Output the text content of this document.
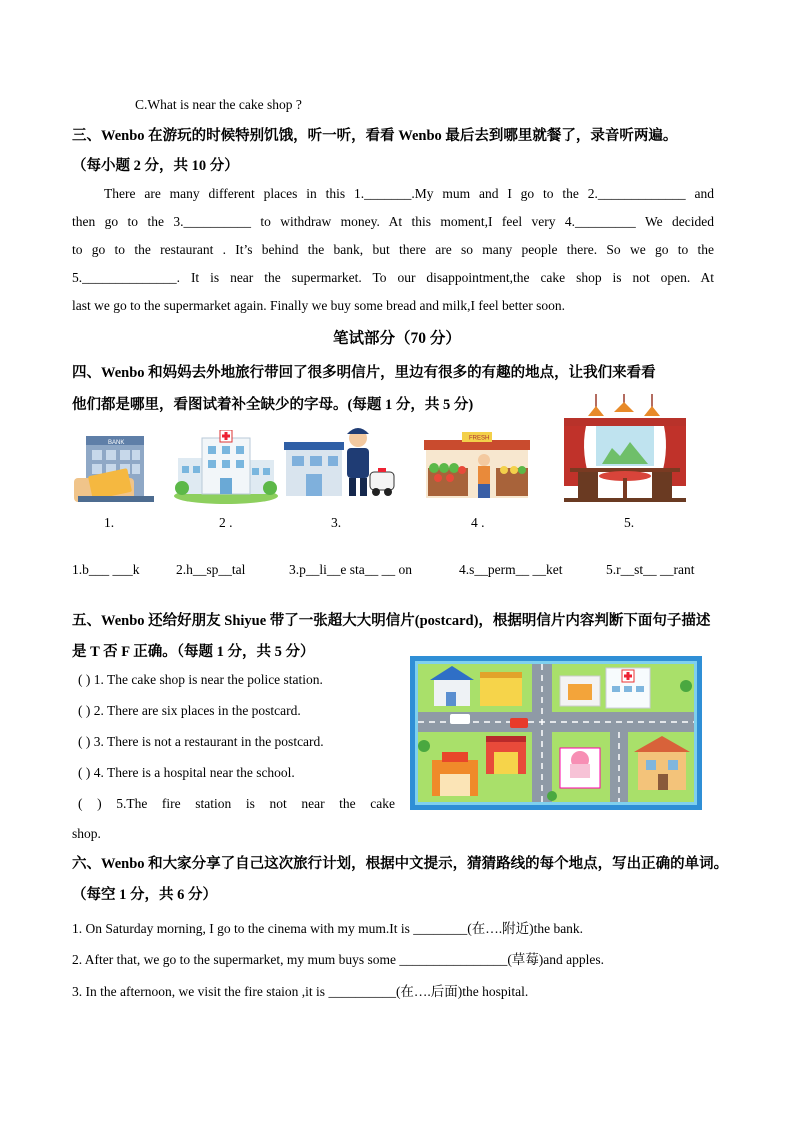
C.What is near the cake shop ?
三、Wenbo 在游玩的时候特别饥饿，听一听，看看 Wenbo 最后去到哪里就餐了，录音听两遍。
（每小题 2 分，共 10 分）
There are many different places in this 1._______.My mum and I go to the 2._____________ and
then go to the 3.__________ to withdraw money. At this moment,I feel very 4._________ We decided
to go to the restaurant . It’s behind the bank, but there are so many people there. So we go to the
5.______________. It is near the supermarket. To our disappointment,the cake shop is not open. At
last we go to the supermarket again. Finally we buy some bread and milk,I feel better soon.
笔试部分（70 分）
四、Wenbo 和妈妈去外地旅行带回了很多明信片，里边有很多的有趣的地点，让我们来看看
他们都是哪里，看图试着补全缺少的字母。(每题 1 分，共 5 分)
BANK
FRESH
1.	2 .	3.	4 .	5.
1.b___ ___k	2.h__sp__tal	3.p__li__e sta__ __ on	4.s__perm__ __ket	5.r__st__ __rant
五、Wenbo 还给好朋友 Shiyue 带了一张超大大明信片(postcard)，根据明信片内容判断下面句子描述
是 T 否 F 正确。（每题 1 分，共 5 分）
( ) 1. The cake shop is near the police station.
( ) 2. There are six places in the postcard.
( ) 3. There is not a restaurant in the postcard.
( ) 4. There is a hospital near the school.
( ) 5.The fire station is not near the cake
shop.
六、Wenbo 和大家分享了自己这次旅行计划，根据中文提示，猜猜路线的每个地点，写出正确的单词。
（每空 1 分，共 6 分）
1. On Saturday morning, I go to the cinema with my mum.It is ________(在….附近)the bank.
2. After that, we go to the supermarket, my mum buys some ________________(草莓)and apples.
3. In the afternoon, we visit the fire staion ,it is __________(在….后面)the hospital.
